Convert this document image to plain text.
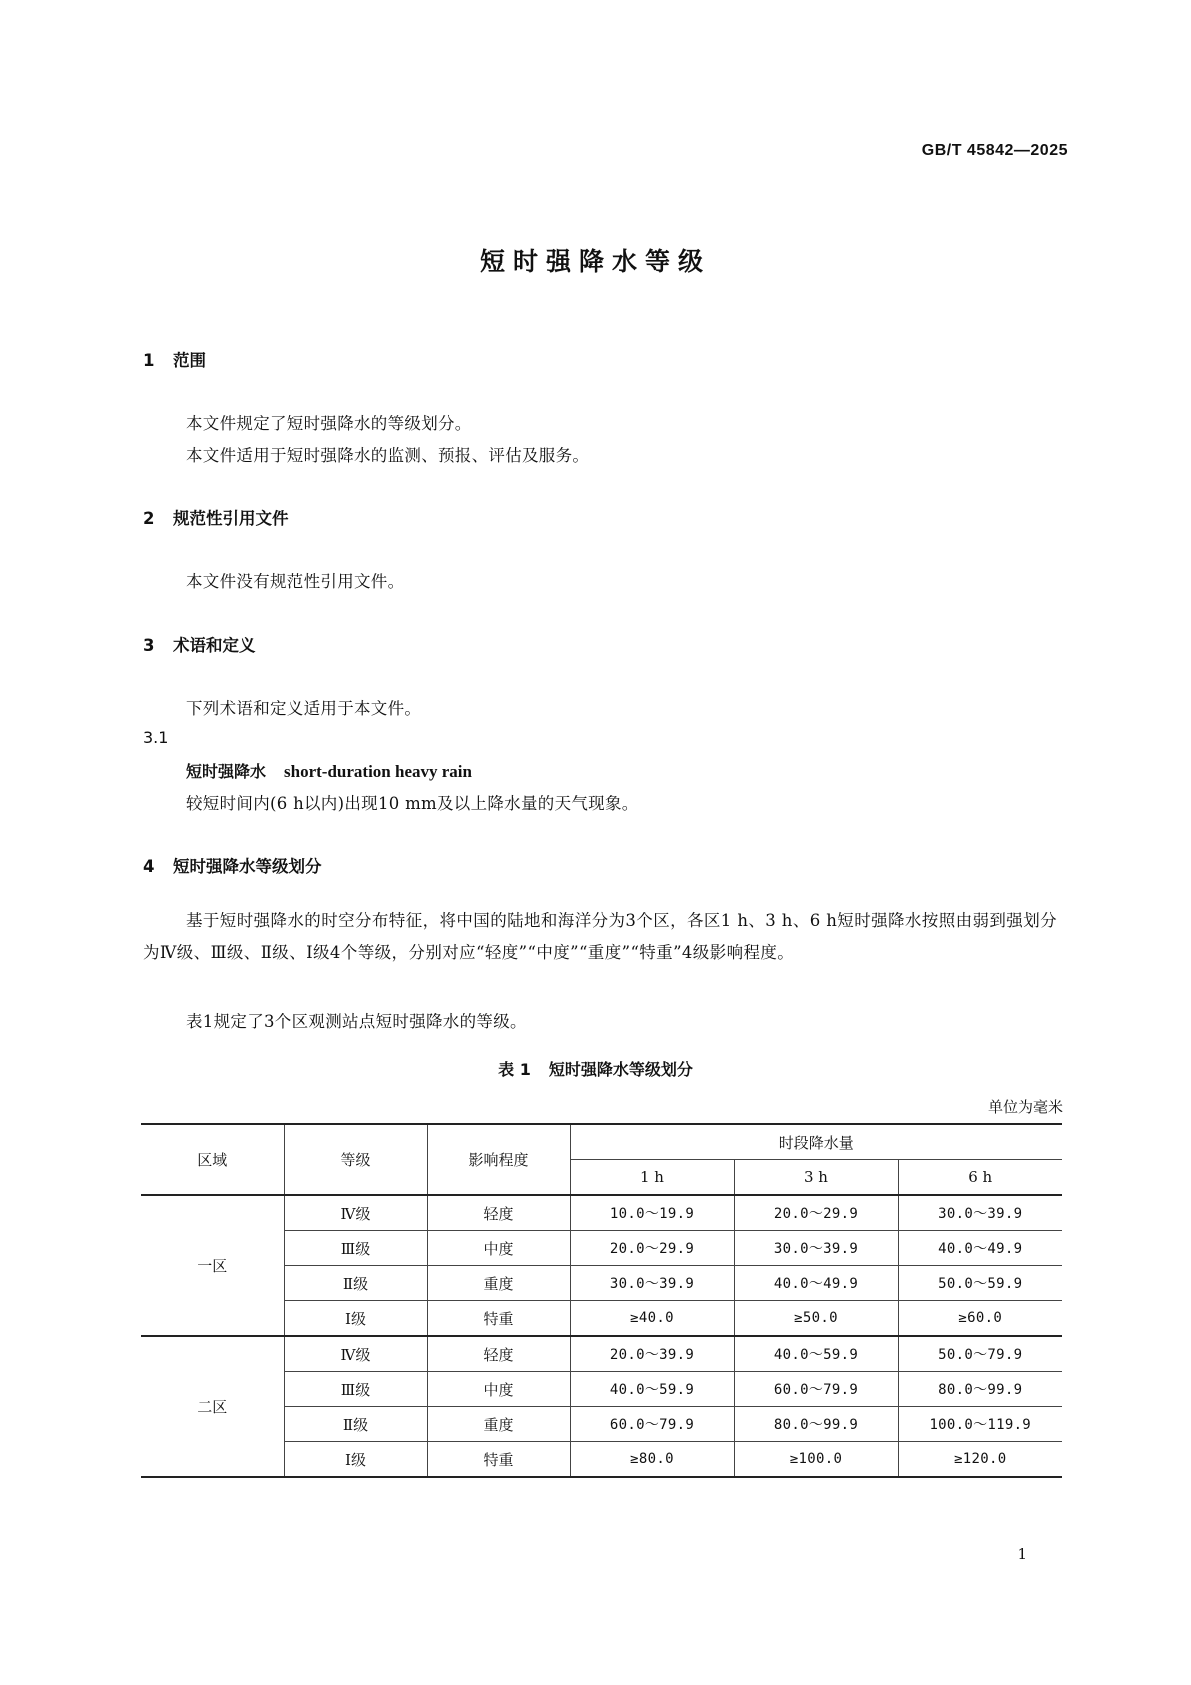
GB/T 45842—2025
短时强降水等级
1 范围
本文件规定了短时强降水的等级划分。
本文件适用于短时强降水的监测、预报、评估及服务。
2 规范性引用文件
本文件没有规范性引用文件。
3 术语和定义
下列术语和定义适用于本文件。
3.1
短时强降水 short-duration heavy rain
较短时间内(6 h以内)出现10 mm及以上降水量的天气现象。
4 短时强降水等级划分
基于短时强降水的时空分布特征，将中国的陆地和海洋分为3个区，各区1 h、3 h、6 h短时强降水按照由弱到强划分为Ⅳ级、Ⅲ级、Ⅱ级、Ⅰ级4个等级，分别对应“轻度”“中度”“重度”“特重”4级影响程度。
表1规定了3个区观测站点短时强降水的等级。
表 1 短时强降水等级划分
单位为毫米
区域	等级	影响程度	时段降水量		
			1 h	3 h	6 h
一区	Ⅳ级	轻度	10.0～19.9	20.0～29.9	30.0～39.9
	Ⅲ级	中度	20.0～29.9	30.0～39.9	40.0～49.9
	Ⅱ级	重度	30.0～39.9	40.0～49.9	50.0～59.9
	Ⅰ级	特重	≥40.0	≥50.0	≥60.0
二区	Ⅳ级	轻度	20.0～39.9	40.0～59.9	50.0～79.9
	Ⅲ级	中度	40.0～59.9	60.0～79.9	80.0～99.9
	Ⅱ级	重度	60.0～79.9	80.0～99.9	100.0～119.9
	Ⅰ级	特重	≥80.0	≥100.0	≥120.0
1
